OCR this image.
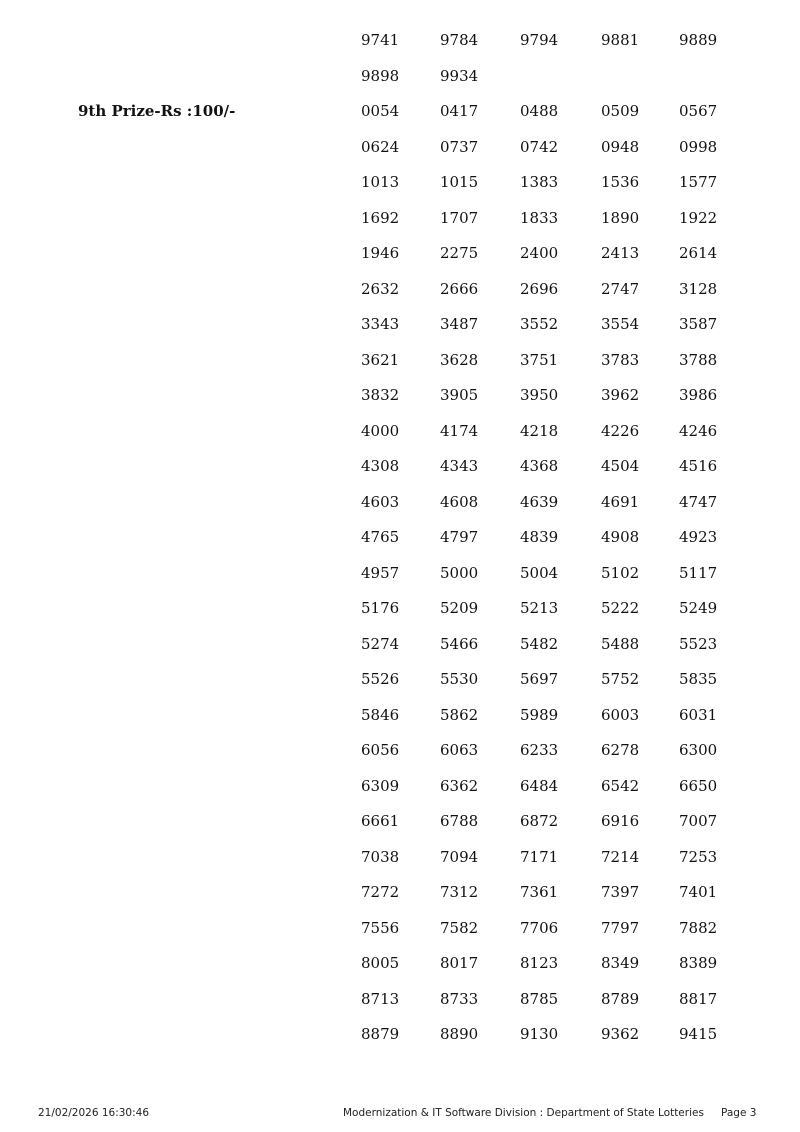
9th Prize-Rs :100/-
9741	9784	9794	9881	9889
9898	9934
0054	0417	0488	0509	0567
0624	0737	0742	0948	0998
1013	1015	1383	1536	1577
1692	1707	1833	1890	1922
1946	2275	2400	2413	2614
2632	2666	2696	2747	3128
3343	3487	3552	3554	3587
3621	3628	3751	3783	3788
3832	3905	3950	3962	3986
4000	4174	4218	4226	4246
4308	4343	4368	4504	4516
4603	4608	4639	4691	4747
4765	4797	4839	4908	4923
4957	5000	5004	5102	5117
5176	5209	5213	5222	5249
5274	5466	5482	5488	5523
5526	5530	5697	5752	5835
5846	5862	5989	6003	6031
6056	6063	6233	6278	6300
6309	6362	6484	6542	6650
6661	6788	6872	6916	7007
7038	7094	7171	7214	7253
7272	7312	7361	7397	7401
7556	7582	7706	7797	7882
8005	8017	8123	8349	8389
8713	8733	8785	8789	8817
8879	8890	9130	9362	9415
21/02/2026 16:30:46	Modernization & IT Software Division : Department of State Lotteries Page 3
